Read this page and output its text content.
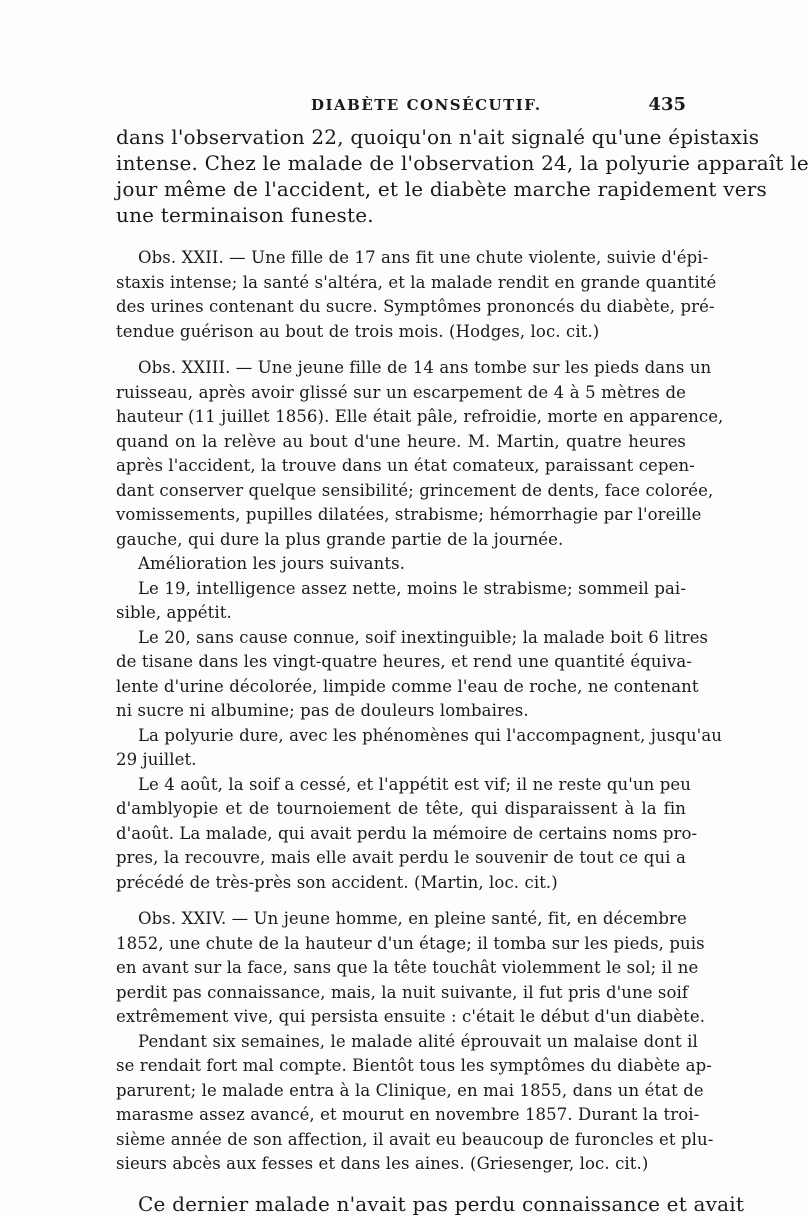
DIABÈTE CONSÉCUTIF.	435
dans l'observation 22, quoiqu'on n'ait signalé qu'une épistaxis
intense. Chez le malade de l'observation 24, la polyurie apparaît le
jour même de l'accident, et le diabète marche rapidement vers
une terminaison funeste.
Obs. XXII. — Une fille de 17 ans fit une chute violente, suivie d'épi-
staxis intense; la santé s'altéra, et la malade rendit en grande quantité
des urines contenant du sucre. Symptômes prononcés du diabète, pré-
tendue guérison au bout de trois mois. (Hodges, loc. cit.)
Obs. XXIII. — Une jeune fille de 14 ans tombe sur les pieds dans un
ruisseau, après avoir glissé sur un escarpement de 4 à 5 mètres de
hauteur (11 juillet 1856). Elle était pâle, refroidie, morte en apparence,
quand on la relève au bout d'une heure. M. Martin, quatre heures
après l'accident, la trouve dans un état comateux, paraissant cepen-
dant conserver quelque sensibilité; grincement de dents, face colorée,
vomissements, pupilles dilatées, strabisme; hémorrhagie par l'oreille
gauche, qui dure la plus grande partie de la journée.
Amélioration les jours suivants.
Le 19, intelligence assez nette, moins le strabisme; sommeil pai-
sible, appétit.
Le 20, sans cause connue, soif inextinguible; la malade boit 6 litres
de tisane dans les vingt-quatre heures, et rend une quantité équiva-
lente d'urine décolorée, limpide comme l'eau de roche, ne contenant
ni sucre ni albumine; pas de douleurs lombaires.
La polyurie dure, avec les phénomènes qui l'accompagnent, jusqu'au
29 juillet.
Le 4 août, la soif a cessé, et l'appétit est vif; il ne reste qu'un peu
d'amblyopie et de tournoiement de tête, qui disparaissent à la fin
d'août. La malade, qui avait perdu la mémoire de certains noms pro-
pres, la recouvre, mais elle avait perdu le souvenir de tout ce qui a
précédé de très-près son accident. (Martin, loc. cit.)
Obs. XXIV. — Un jeune homme, en pleine santé, fit, en décembre
1852, une chute de la hauteur d'un étage; il tomba sur les pieds, puis
en avant sur la face, sans que la tête touchât violemment le sol; il ne
perdit pas connaissance, mais, la nuit suivante, il fut pris d'une soif
extrêmement vive, qui persista ensuite : c'était le début d'un diabète.
Pendant six semaines, le malade alité éprouvait un malaise dont il
se rendait fort mal compte. Bientôt tous les symptômes du diabète ap-
parurent; le malade entra à la Clinique, en mai 1855, dans un état de
marasme assez avancé, et mourut en novembre 1857. Durant la troi-
sième année de son affection, il avait eu beaucoup de furoncles et plu-
sieurs abcès aux fesses et dans les aines. (Griesenger, loc. cit.)
Ce dernier malade n'avait pas perdu connaissance et avait
